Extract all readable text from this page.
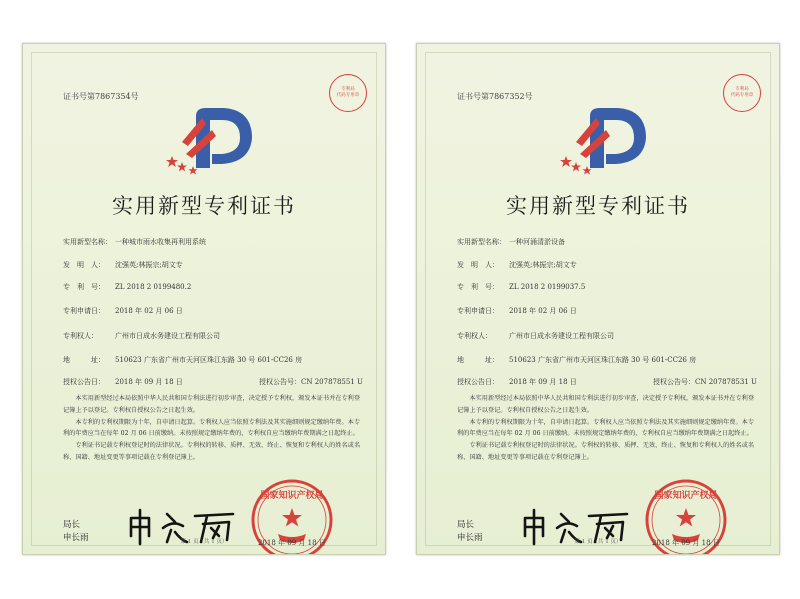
证书号第7867354号
专利局
代码专用章
实用新型专利证书
实用新型名称： 一种城市雨水收集再利用系统
发　明　人： 沈强英;林振宗;胡文专
专　利　号： ZL 2018 2 0199480.2
专利申请日： 2018 年 02 月 06 日
专利权人： 广州市日成水务建设工程有限公司
地　　　址： 510623 广东省广州市天河区珠江东路 30 号 601-CC26 房
授权公告日： 2018 年 09 月 18 日	授权公告号：CN 207878551 U

本实用新型经过本局依照中华人民共和国专利法进行初步审查，决定授予专利权，颁发本证书并在专利登记簿上予以登记。专利权自授权公告之日起生效。

本专利的专利权期限为十年，自申请日起算。专利权人应当依照专利法及其实施细则规定缴纳年费。本专利的年费应当在每年 02 月 06 日前缴纳。未按照规定缴纳年费的，专利权自应当缴纳年费期满之日起终止。

专利证书记载专利权登记时的法律状况。专利权的转移、质押、无效、终止、恢复和专利权人的姓名或名称、国籍、地址变更等事项记载在专利登记簿上。

局长
申长雨
国家知识产权局
2018 年 09 月 18 日
第 1 页（共 1 页）
证书号第7867352号
专利局
代码专用章
实用新型专利证书
实用新型名称： 一种河涌清淤设备
发　明　人： 沈强英;林振宗;胡文专
专　利　号： ZL 2018 2 0199037.5
专利申请日： 2018 年 02 月 06 日
专利权人： 广州市日成水务建设工程有限公司
地　　　址： 510623 广东省广州市天河区珠江东路 30 号 601-CC26 房
授权公告日： 2018 年 09 月 18 日	授权公告号：CN 207878531 U

本实用新型经过本局依照中华人民共和国专利法进行初步审查，决定授予专利权，颁发本证书并在专利登记簿上予以登记。专利权自授权公告之日起生效。

本专利的专利权期限为十年，自申请日起算。专利权人应当依照专利法及其实施细则规定缴纳年费。本专利的年费应当在每年 02 月 06 日前缴纳。未按照规定缴纳年费的，专利权自应当缴纳年费期满之日起终止。

专利证书记载专利权登记时的法律状况。专利权的转移、质押、无效、终止、恢复和专利权人的姓名或名称、国籍、地址变更等事项记载在专利登记簿上。

局长
申长雨
国家知识产权局
2018 年 09 月 18 日
第 1 页（共 1 页）
